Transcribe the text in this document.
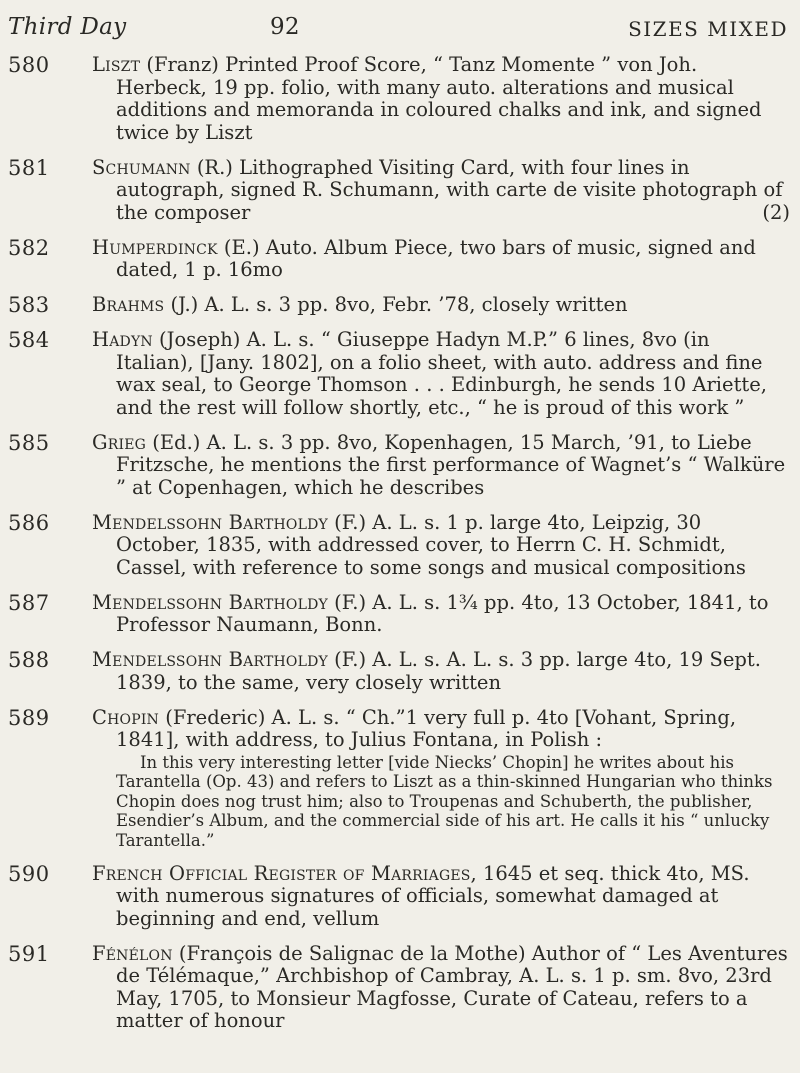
Third Day	92	SIZES MIXED
580 Liszt (Franz) Printed Proof Score, “ Tanz Momente ” von Joh. Herbeck, 19 pp. folio, with many auto. alterations and musical additions and memoranda in coloured chalks and ink, and signed twice by Liszt
581 Schumann (R.) Lithographed Visiting Card, with four lines in autograph, signed R. Schumann, with carte de visite photograph of the composer	(2)
582 Humperdinck (E.) Auto. Album Piece, two bars of music, signed and dated, 1 p. 16mo
583 Brahms (J.) A. L. s. 3 pp. 8vo, Febr. ’78, closely written
584 Hadyn (Joseph) A. L. s. “ Giuseppe Hadyn M.P.” 6 lines, 8vo (in Italian), [Jany. 1802], on a folio sheet, with auto. address and fine wax seal, to George Thomson . . . Edinburgh, he sends 10 Ariette, and the rest will follow shortly, etc., “ he is proud of this work ”
585 Grieg (Ed.) A. L. s. 3 pp. 8vo, Kopenhagen, 15 March, ’91, to Liebe Fritzsche, he mentions the first performance of Wagnet’s “ Walküre ” at Copenhagen, which he describes
586 Mendelssohn Bartholdy (F.) A. L. s. 1 p. large 4to, Leipzig, 30 October, 1835, with addressed cover, to Herrn C. H. Schmidt, Cassel, with reference to some songs and musical compositions
587 Mendelssohn Bartholdy (F.) A. L. s. 1¾ pp. 4to, 13 October, 1841, to Professor Naumann, Bonn.
588 Mendelssohn Bartholdy (F.) A. L. s. A. L. s. 3 pp. large 4to, 19 Sept. 1839, to the same, very closely written
589 Chopin (Frederic) A. L. s. “ Ch.”1 very full p. 4to [Vohant, Spring, 1841], with address, to Julius Fontana, in Polish :
In this very interesting letter [vide Niecks’ Chopin] he writes about his Tarantella (Op. 43) and refers to Liszt as a thin-skinned Hungarian who thinks Chopin does nog trust him; also to Troupenas and Schuberth, the publisher, Esendier’s Album, and the commercial side of his art. He calls it his “ unlucky Tarantella.”
590 French Official Register of Marriages, 1645 et seq. thick 4to, MS. with numerous signatures of officials, somewhat damaged at beginning and end, vellum
591 Fénélon (François de Salignac de la Mothe) Author of “ Les Aventures de Télémaque,” Archbishop of Cambray, A. L. s. 1 p. sm. 8vo, 23rd May, 1705, to Monsieur Magfosse, Curate of Cateau, refers to a matter of honour
